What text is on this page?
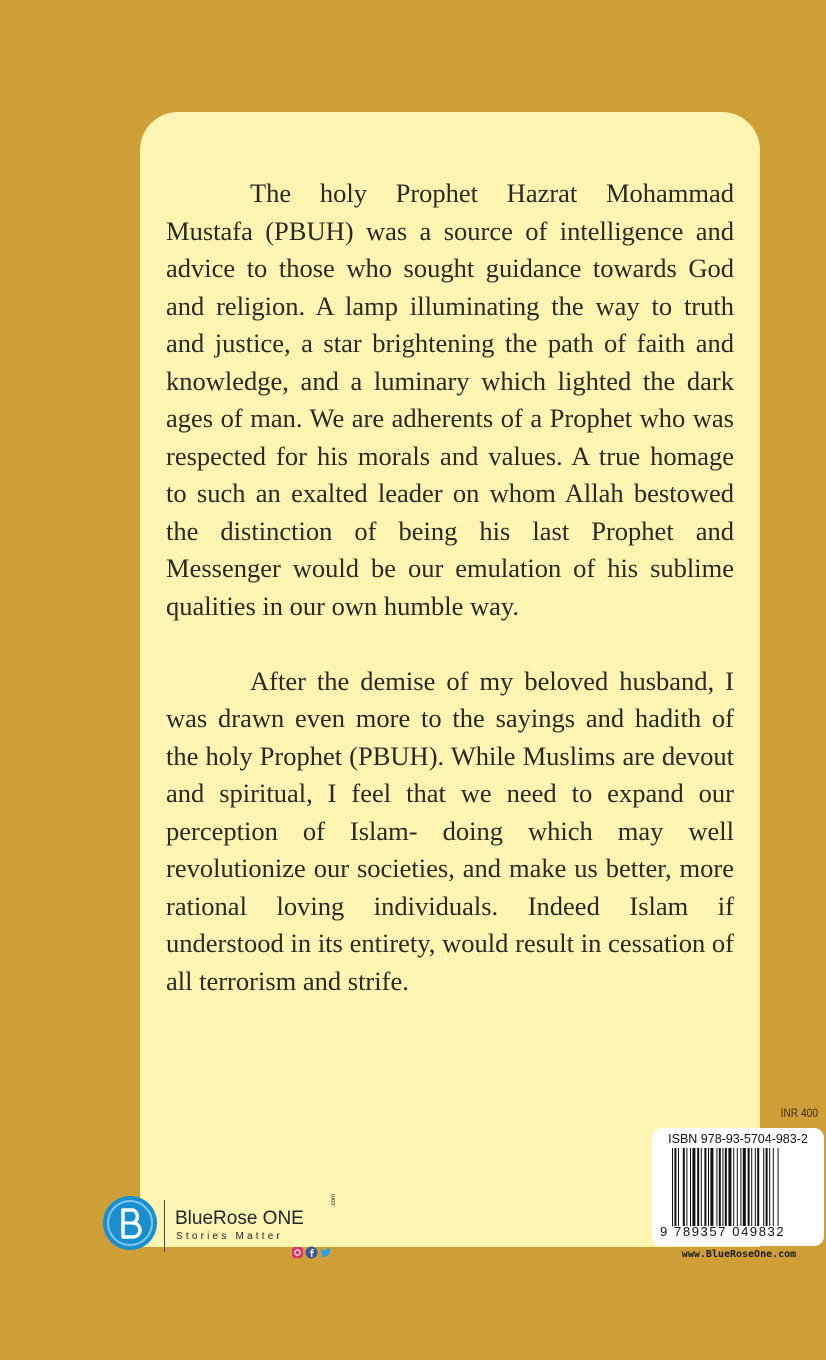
The holy Prophet Hazrat Mohammad Mustafa (PBUH) was a source of intelligence and advice to those who sought guidance towards God and religion. A lamp illuminating the way to truth and justice, a star brightening the path of faith and knowledge, and a luminary which lighted the dark ages of man. We are adherents of a Prophet who was respected for his morals and values. A true homage to such an exalted leader on whom Allah bestowed the distinction of being his last Prophet and Messenger would be our emulation of his sublime qualities in our own humble way.

After the demise of my beloved husband, I was drawn even more to the sayings and hadith of the holy Prophet (PBUH). While Muslims are devout and spiritual, I feel that we need to expand our perception of Islam- doing which may well revolutionize our societies, and make us better, more rational loving individuals. Indeed Islam if understood in its entirety, would result in cessation of all terrorism and strife.

INR 400
ISBN 978-93-5704-983-2
9 789357 049832
www.BlueRoseOne.com
BlueRose ONE
.com
Stories Matter
